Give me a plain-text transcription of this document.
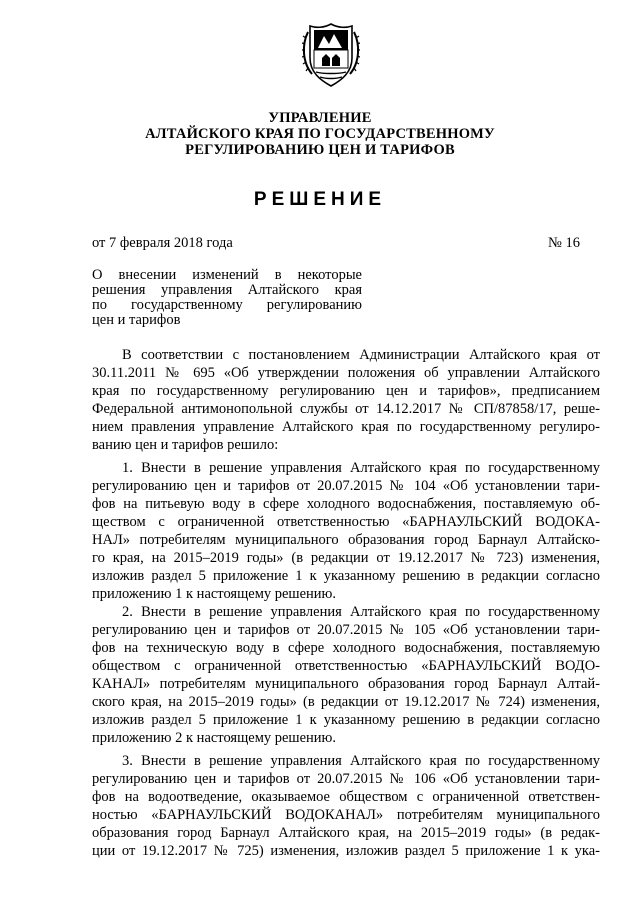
УПРАВЛЕНИЕ
АЛТАЙСКОГО КРАЯ ПО ГОСУДАРСТВЕННОМУ
РЕГУЛИРОВАНИЮ ЦЕН И ТАРИФОВ
РЕШЕНИЕ
от 7 февраля 2018 года	№ 16
О внесении изменений в некоторые
решения управления Алтайского края
по государственному регулированию
цен и тарифов
В соответствии с постановлением Администрации Алтайского края от
30.11.2011 № 695 «Об утверждении положения об управлении Алтайского
края по государственному регулированию цен и тарифов», предписанием
Федеральной антимонопольной службы от 14.12.2017 № СП/87858/17, реше-
нием правления управление Алтайского края по государственному регулиро-
ванию цен и тарифов решило:
1. Внести в решение управления Алтайского края по государственному
регулированию цен и тарифов от 20.07.2015 № 104 «Об установлении тари-
фов на питьевую воду в сфере холодного водоснабжения, поставляемую об-
ществом с ограниченной ответственностью «БАРНАУЛЬСКИЙ ВОДОКА-
НАЛ» потребителям муниципального образования город Барнаул Алтайско-
го края, на 2015–2019 годы» (в редакции от 19.12.2017 № 723) изменения,
изложив раздел 5 приложение 1 к указанному решению в редакции согласно
приложению 1 к настоящему решению.
2. Внести в решение управления Алтайского края по государственному
регулированию цен и тарифов от 20.07.2015 № 105 «Об установлении тари-
фов на техническую воду в сфере холодного водоснабжения, поставляемую
обществом с ограниченной ответственностью «БАРНАУЛЬСКИЙ ВОДО-
КАНАЛ» потребителям муниципального образования город Барнаул Алтай-
ского края, на 2015–2019 годы» (в редакции от 19.12.2017 № 724) изменения,
изложив раздел 5 приложение 1 к указанному решению в редакции согласно
приложению 2 к настоящему решению.
3. Внести в решение управления Алтайского края по государственному
регулированию цен и тарифов от 20.07.2015 № 106 «Об установлении тари-
фов на водоотведение, оказываемое обществом с ограниченной ответствен-
ностью «БАРНАУЛЬСКИЙ ВОДОКАНАЛ» потребителям муниципального
образования город Барнаул Алтайского края, на 2015–2019 годы» (в редак-
ции от 19.12.2017 № 725) изменения, изложив раздел 5 приложение 1 к ука-
